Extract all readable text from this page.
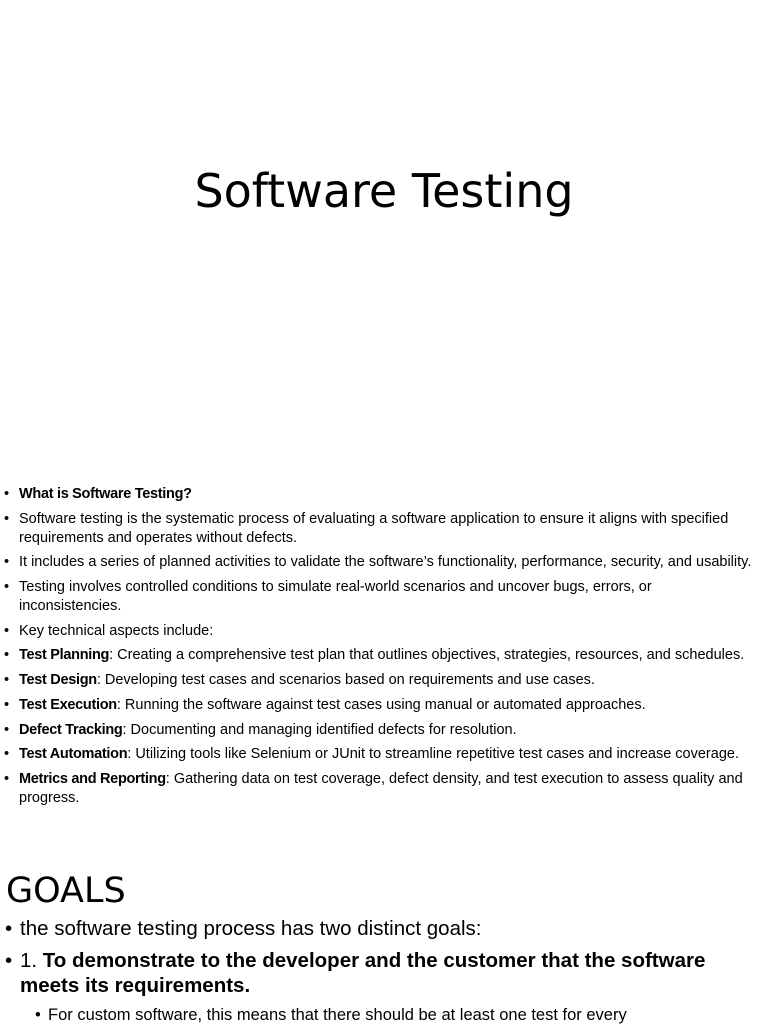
Software Testing
• What is Software Testing?
• Software testing is the systematic process of evaluating a software application to ensure it aligns with specified requirements and operates without defects.
• It includes a series of planned activities to validate the software’s functionality, performance, security, and usability.
• Testing involves controlled conditions to simulate real-world scenarios and uncover bugs, errors, or inconsistencies.
• Key technical aspects include:
• Test Planning: Creating a comprehensive test plan that outlines objectives, strategies, resources, and schedules.
• Test Design: Developing test cases and scenarios based on requirements and use cases.
• Test Execution: Running the software against test cases using manual or automated approaches.
• Defect Tracking: Documenting and managing identified defects for resolution.
• Test Automation: Utilizing tools like Selenium or JUnit to streamline repetitive test cases and increase coverage.
• Metrics and Reporting: Gathering data on test coverage, defect density, and test execution to assess quality and progress.
GOALS
• the software testing process has two distinct goals:
• 1. To demonstrate to the developer and the customer that the software meets its requirements.
• For custom software, this means that there should be at least one test for every
